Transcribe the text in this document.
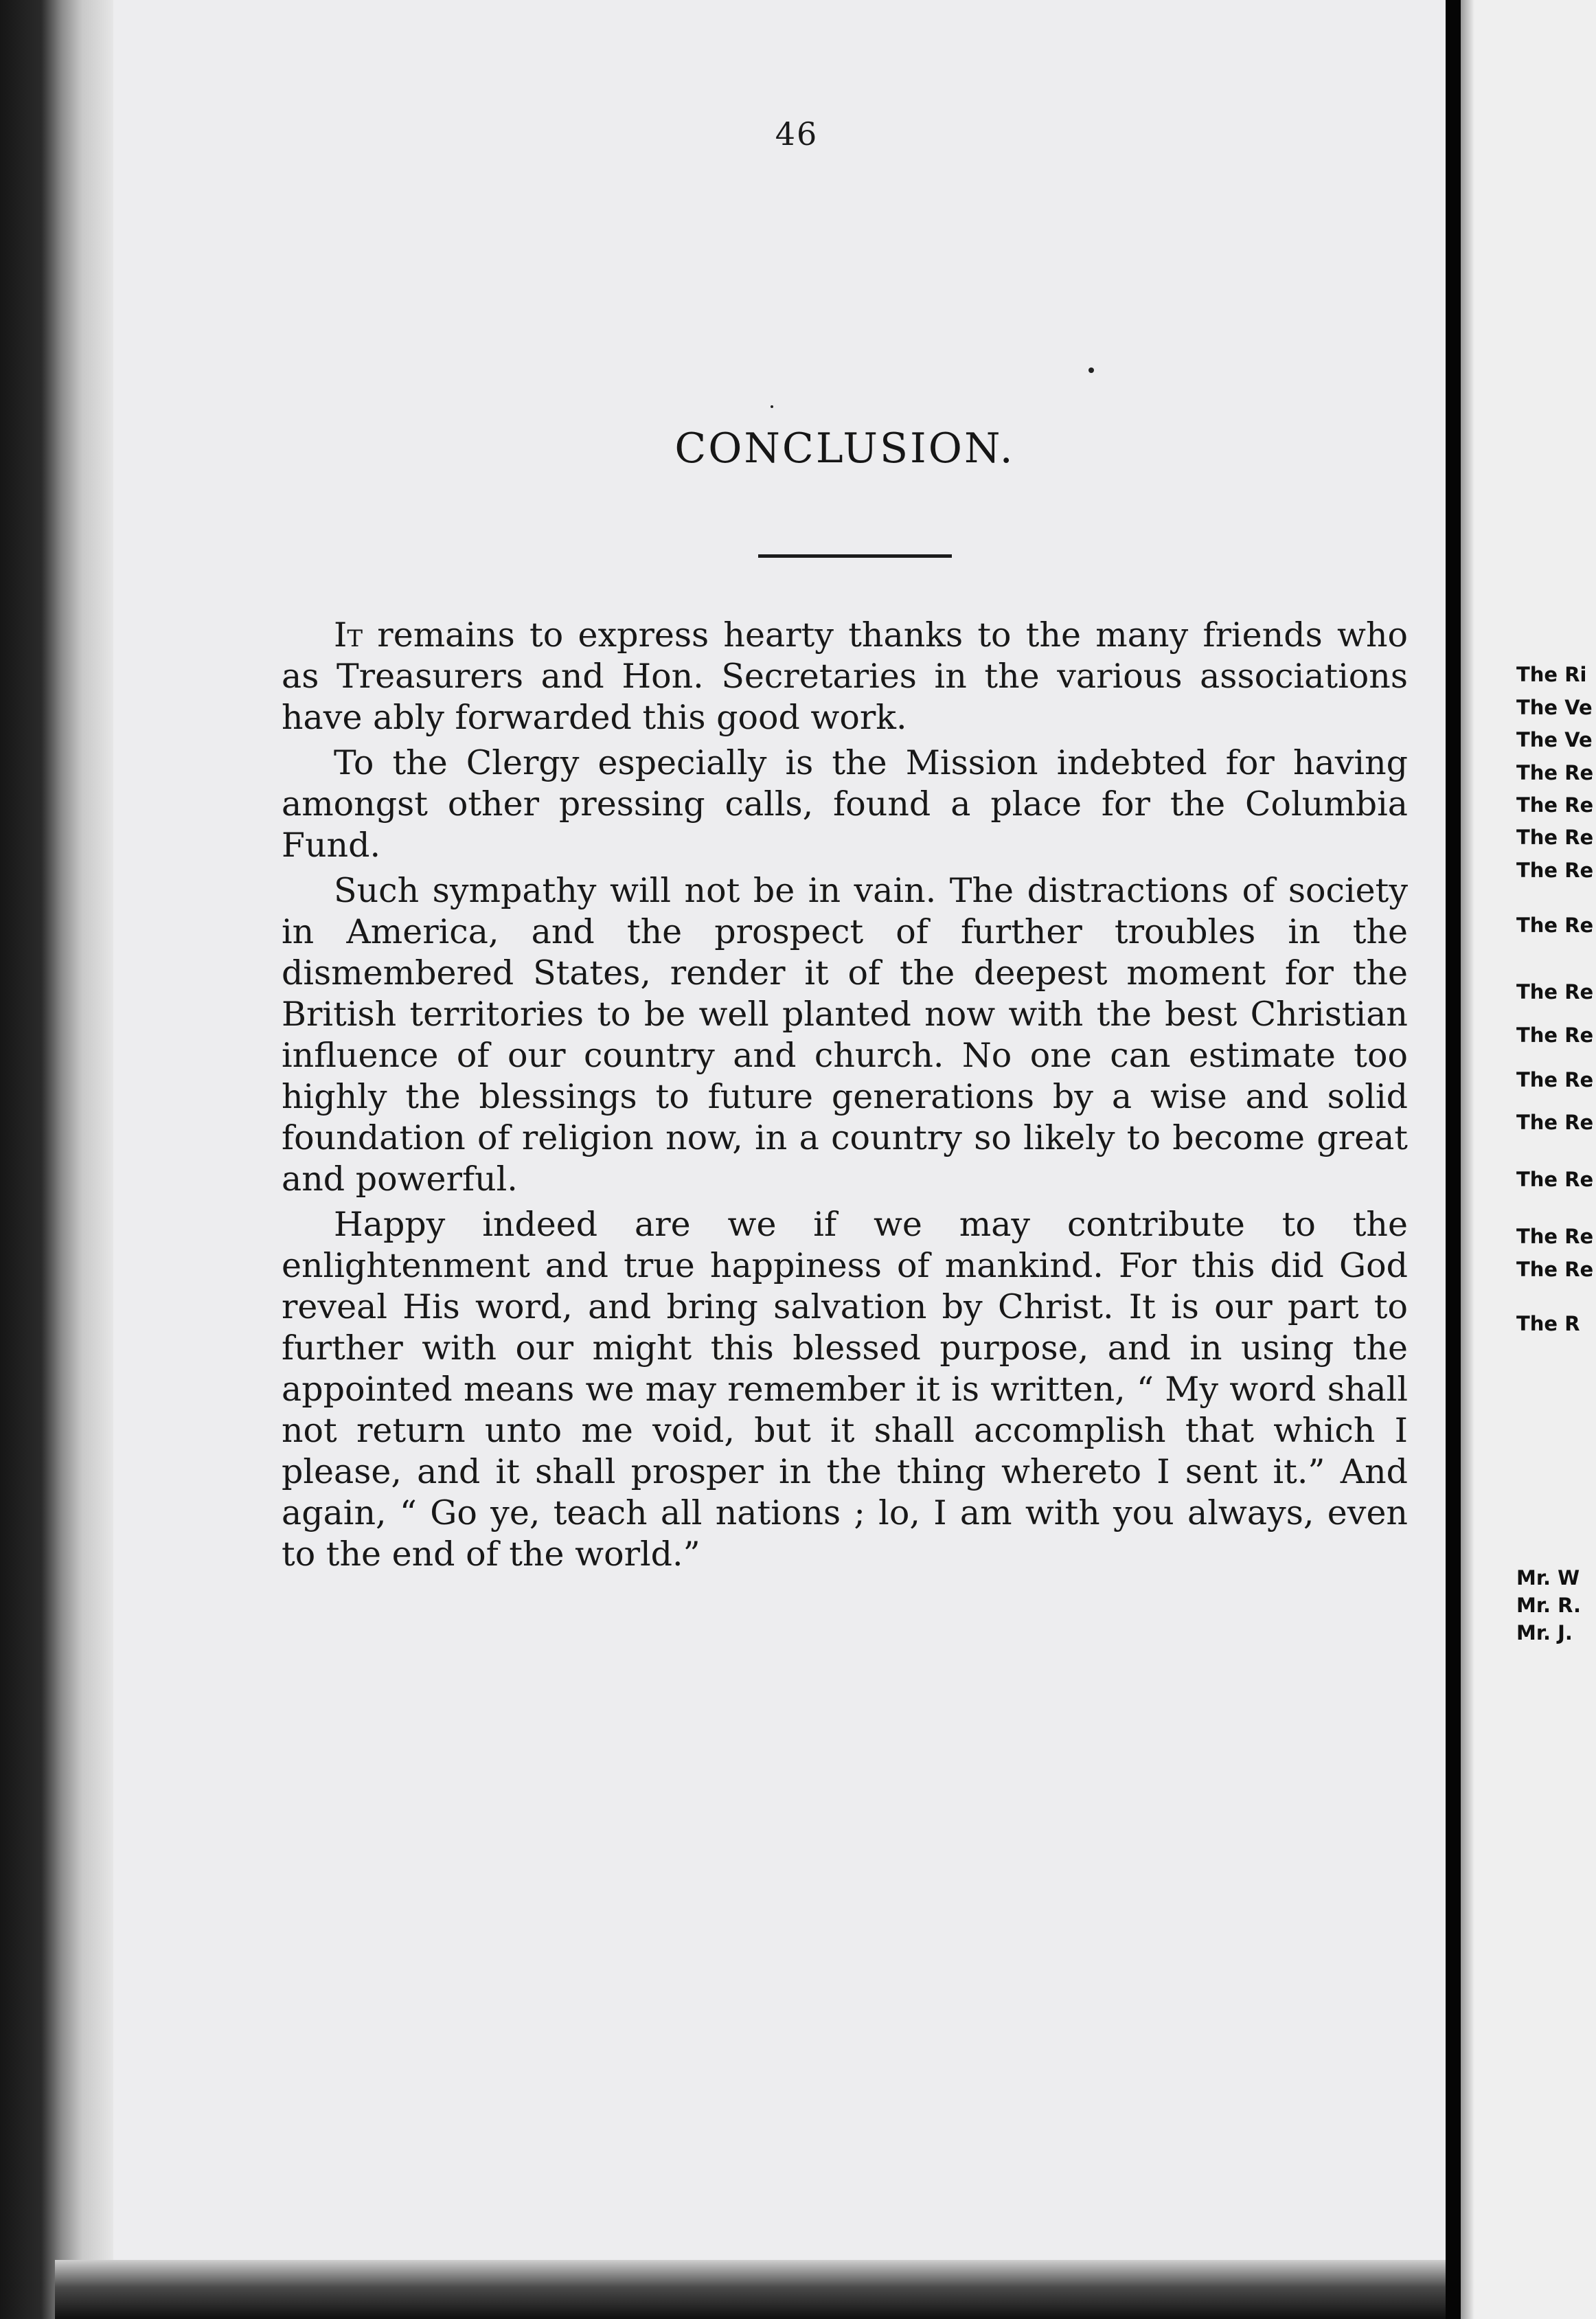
46
CONCLUSION.

It remains to express hearty thanks to the many friends who as Treasurers and Hon. Secretaries in the various associations have ably forwarded this good work.

To the Clergy especially is the Mission indebted for having amongst other pressing calls, found a place for the Columbia Fund.

Such sympathy will not be in vain. The distractions of society in America, and the prospect of further troubles in the dismembered States, render it of the deepest moment for the British territories to be well planted now with the best Christian influence of our country and church. No one can estimate too highly the blessings to future generations by a wise and solid foundation of religion now, in a country so likely to become great and powerful.

Happy indeed are we if we may contribute to the enlightenment and true happiness of mankind. For this did God reveal His word, and bring salvation by Christ. It is our part to further with our might this blessed purpose, and in using the appointed means we may remember it is written, “ My word shall not return unto me void, but it shall accomplish that which I please, and it shall prosper in the thing whereto I sent it.” And again, “ Go ye, teach all nations ; lo, I am with you always, even to the end of the world.”

The Ri
The Ve
The Ve
The Re
The Re
The Re
The Re
The Re
The Re
The Re
The Re
The Re
The Re
The Re
The Re
The R
Mr. W
Mr. R.
Mr. J.
